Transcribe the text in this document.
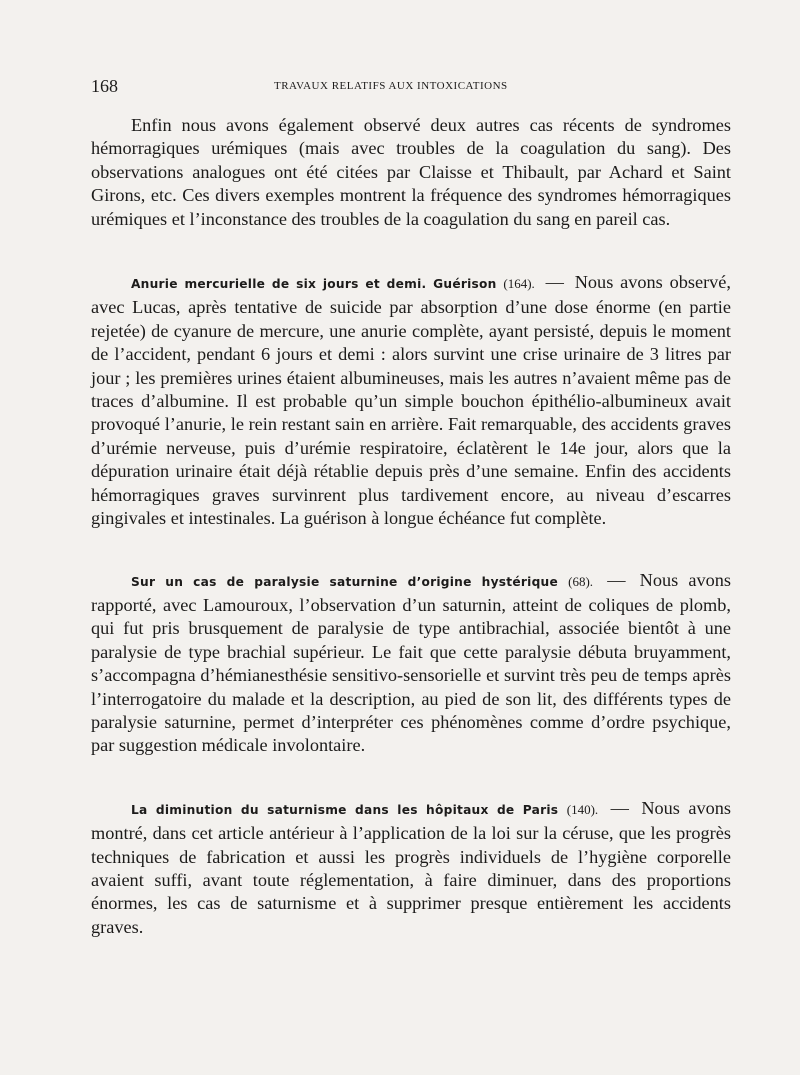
168	TRAVAUX RELATIFS AUX INTOXICATIONS

Enfin nous avons également observé deux autres cas récents de syndromes hémorragiques urémiques (mais avec troubles de la coagulation du sang). Des observations analogues ont été citées par Claisse et Thibault, par Achard et Saint Girons, etc. Ces divers exemples montrent la fréquence des syndromes hémorragiques urémiques et l’inconstance des troubles de la coagulation du sang en pareil cas.

Anurie mercurielle de six jours et demi. Guérison (164). — Nous avons observé, avec Lucas, après tentative de suicide par absorption d’une dose énorme (en partie rejetée) de cyanure de mercure, une anurie complète, ayant persisté, depuis le moment de l’accident, pendant 6 jours et demi : alors survint une crise urinaire de 3 litres par jour ; les premières urines étaient albumineuses, mais les autres n’avaient même pas de traces d’albumine. Il est probable qu’un simple bouchon épithélio-albumineux avait provoqué l’anurie, le rein restant sain en arrière. Fait remarquable, des accidents graves d’urémie nerveuse, puis d’urémie respiratoire, éclatèrent le 14e jour, alors que la dépuration urinaire était déjà rétablie depuis près d’une semaine. Enfin des accidents hémorragiques graves survinrent plus tardivement encore, au niveau d’escarres gingivales et intestinales. La guérison à longue échéance fut complète.

Sur un cas de paralysie saturnine d’origine hystérique (68). — Nous avons rapporté, avec Lamouroux, l’observation d’un saturnin, atteint de coliques de plomb, qui fut pris brusquement de paralysie de type antibrachial, associée bientôt à une paralysie de type brachial supérieur. Le fait que cette paralysie débuta bruyamment, s’accompagna d’hémianesthésie sensitivo-sensorielle et survint très peu de temps après l’interrogatoire du malade et la description, au pied de son lit, des différents types de paralysie saturnine, permet d’interpréter ces phénomènes comme d’ordre psychique, par suggestion médicale involontaire.

La diminution du saturnisme dans les hôpitaux de Paris (140). — Nous avons montré, dans cet article antérieur à l’application de la loi sur la céruse, que les progrès techniques de fabrication et aussi les progrès individuels de l’hygiène corporelle avaient suffi, avant toute réglementation, à faire diminuer, dans des proportions énormes, les cas de saturnisme et à supprimer presque entièrement les accidents graves.
